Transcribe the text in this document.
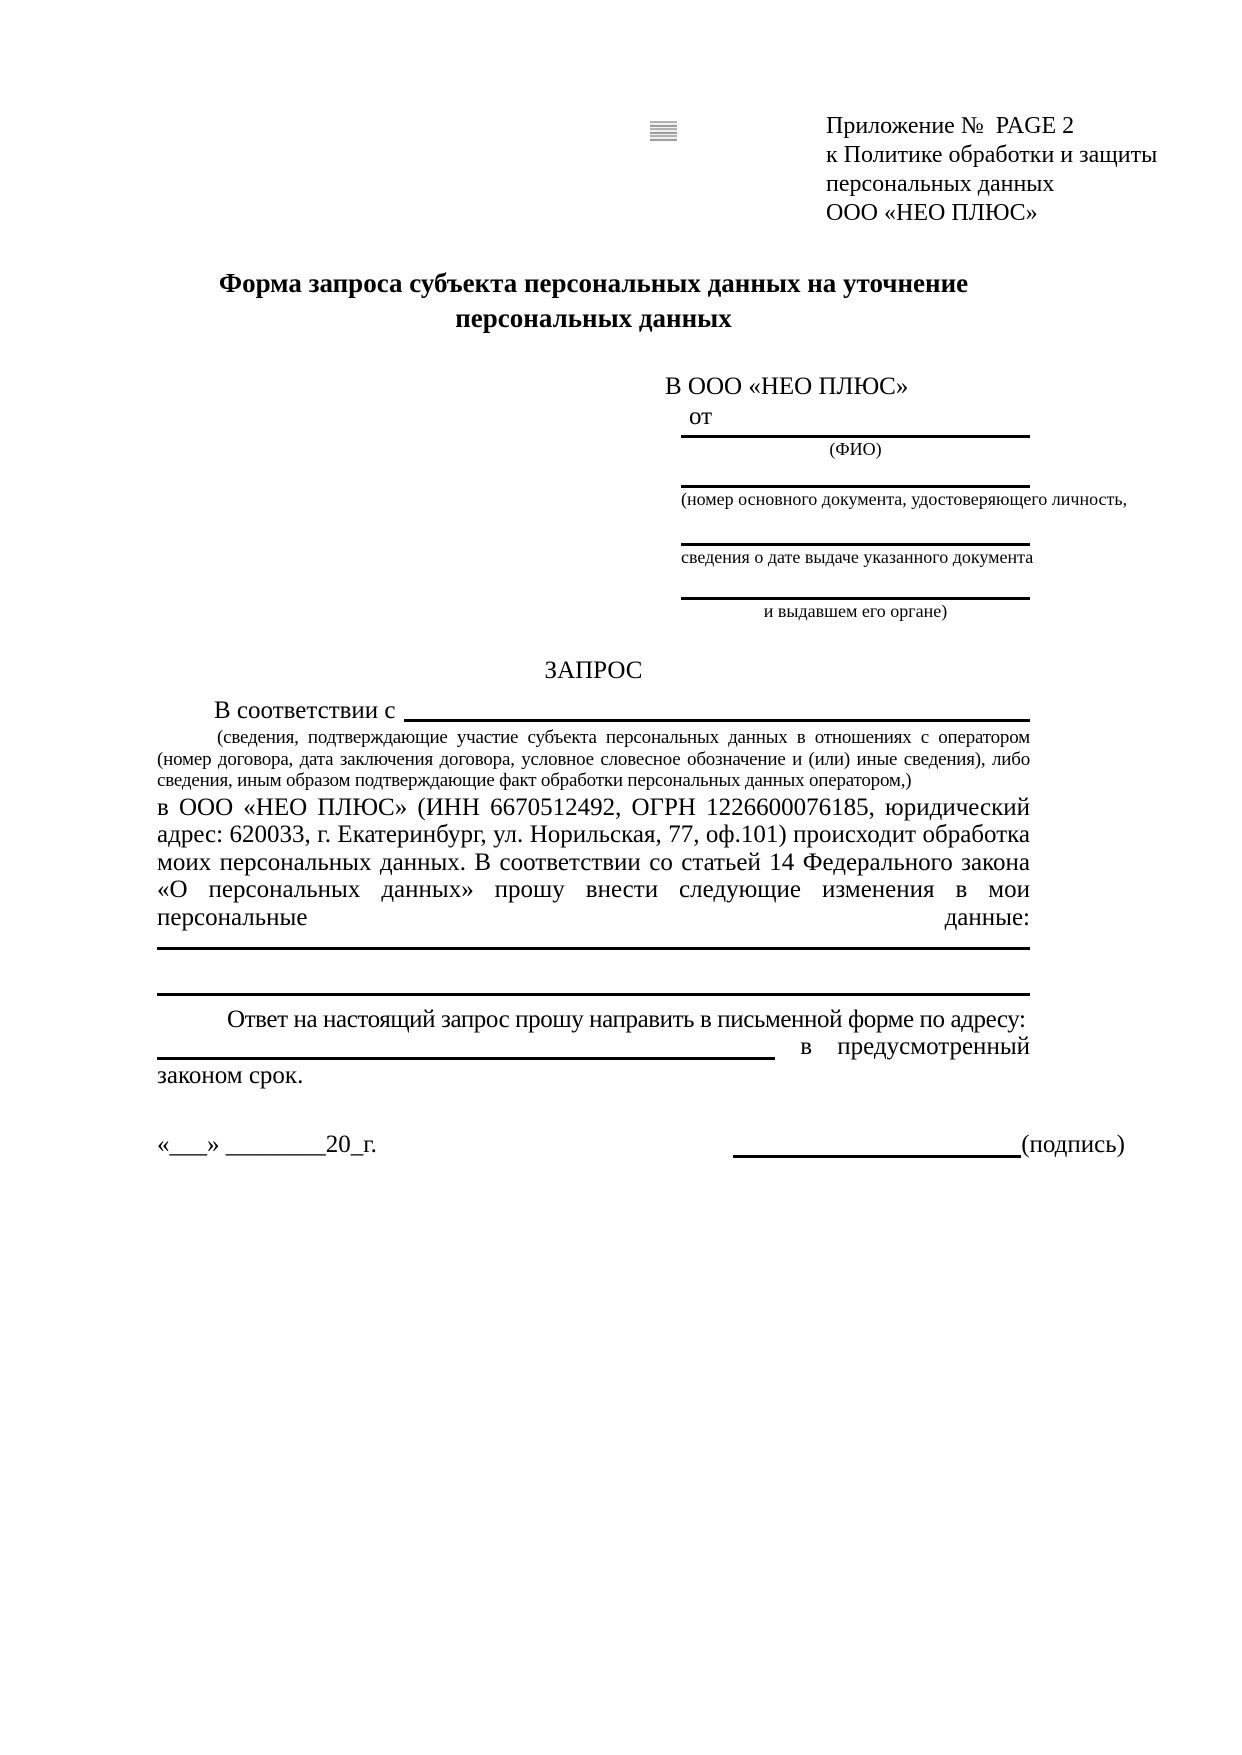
Приложение №  PAGE 2
к Политике обработки и защиты
персональных данных
ООО «НЕО ПЛЮС»
Форма запроса субъекта персональных данных на уточнение персональных данных
В ООО «НЕО ПЛЮС»
от
(ФИО)
(номер основного документа, удостоверяющего личность,
сведения о дате выдаче указанного документа
и выдавшем его органе)
ЗАПРОС
В соответствии с

(сведения, подтверждающие участие субъекта персональных данных в отношениях с оператором (номер договора, дата заключения договора, условное словесное обозначение и (или) иные сведения), либо сведения, иным образом подтверждающие факт обработки персональных данных оператором,)

в ООО «НЕО ПЛЮС» (ИНН 6670512492, ОГРН 1226600076185, юридический адрес: 620033, г. Екатеринбург, ул. Норильская, 77, оф.101) происходит обработка моих персональных данных. В соответствии со статьей 14 Федерального закона «О персональных данных» прошу внести следующие изменения в мои персональные данные:

Ответ на настоящий запрос прошу направить в письменной форме по адресу:

в предусмотренный
законом срок.
«___» ________20_г.	(подпись)
